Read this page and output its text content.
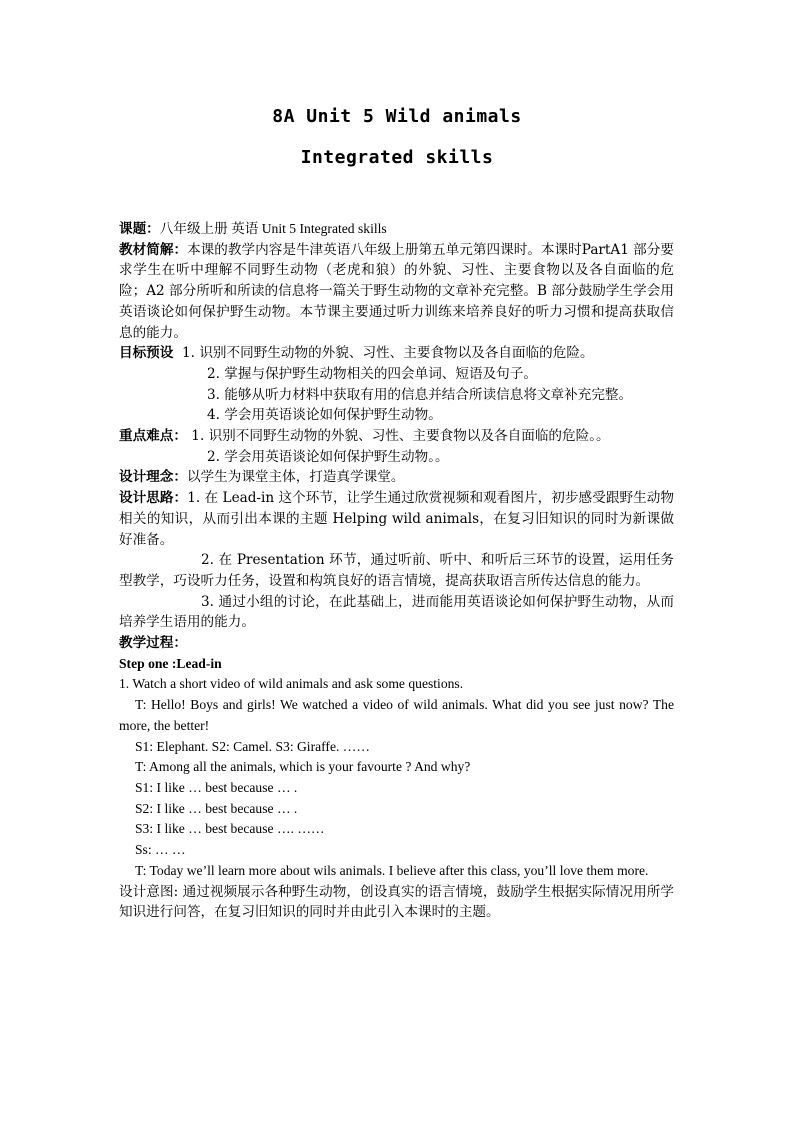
8A Unit 5 Wild animals
Integrated skills

课题：八年级上册 英语 Unit 5 Integrated skills

教材简解：本课的教学内容是牛津英语八年级上册第五单元第四课时。本课时PartA1 部分要求学生在听中理解不同野生动物（老虎和狼）的外貌、习性、主要食物以及各自面临的危险；A2 部分所听和所读的信息将一篇关于野生动物的文章补充完整。B 部分鼓励学生学会用英语谈论如何保护野生动物。本节课主要通过听力训练来培养良好的听力习惯和提高获取信息的能力。

目标预设 1. 识别不同野生动物的外貌、习性、主要食物以及各自面临的危险。

2. 掌握与保护野生动物相关的四会单词、短语及句子。

3. 能够从听力材料中获取有用的信息并结合所读信息将文章补充完整。

4. 学会用英语谈论如何保护野生动物。

重点难点： 1. 识别不同野生动物的外貌、习性、主要食物以及各自面临的危险。。

2. 学会用英语谈论如何保护野生动物。。

设计理念：以学生为课堂主体，打造真学课堂。

设计思路：1. 在 Lead-in 这个环节，让学生通过欣赏视频和观看图片，初步感受跟野生动物相关的知识，从而引出本课的主题 Helping wild animals，在复习旧知识的同时为新课做好准备。

2. 在 Presentation 环节，通过听前、听中、和听后三环节的设置，运用任务型教学，巧设听力任务，设置和构筑良好的语言情境，提高获取语言所传达信息的能力。

3. 通过小组的讨论，在此基础上，进而能用英语谈论如何保护野生动物，从而培养学生语用的能力。

教学过程：

Step one :Lead-in

1. Watch a short video of wild animals and ask some questions.

T: Hello! Boys and girls! We watched a video of wild animals. What did you see just now? The more, the better!

S1: Elephant. S2: Camel. S3: Giraffe. ……

T: Among all the animals, which is your favourte ? And why?

S1: I like … best because … .

S2: I like … best because … .

S3: I like … best because …. ……

Ss: … …

T: Today we’ll learn more about wils animals. I believe after this class, you’ll love them more.

设计意图: 通过视频展示各种野生动物，创设真实的语言情境，鼓励学生根据实际情况用所学知识进行问答，在复习旧知识的同时并由此引入本课时的主题。
